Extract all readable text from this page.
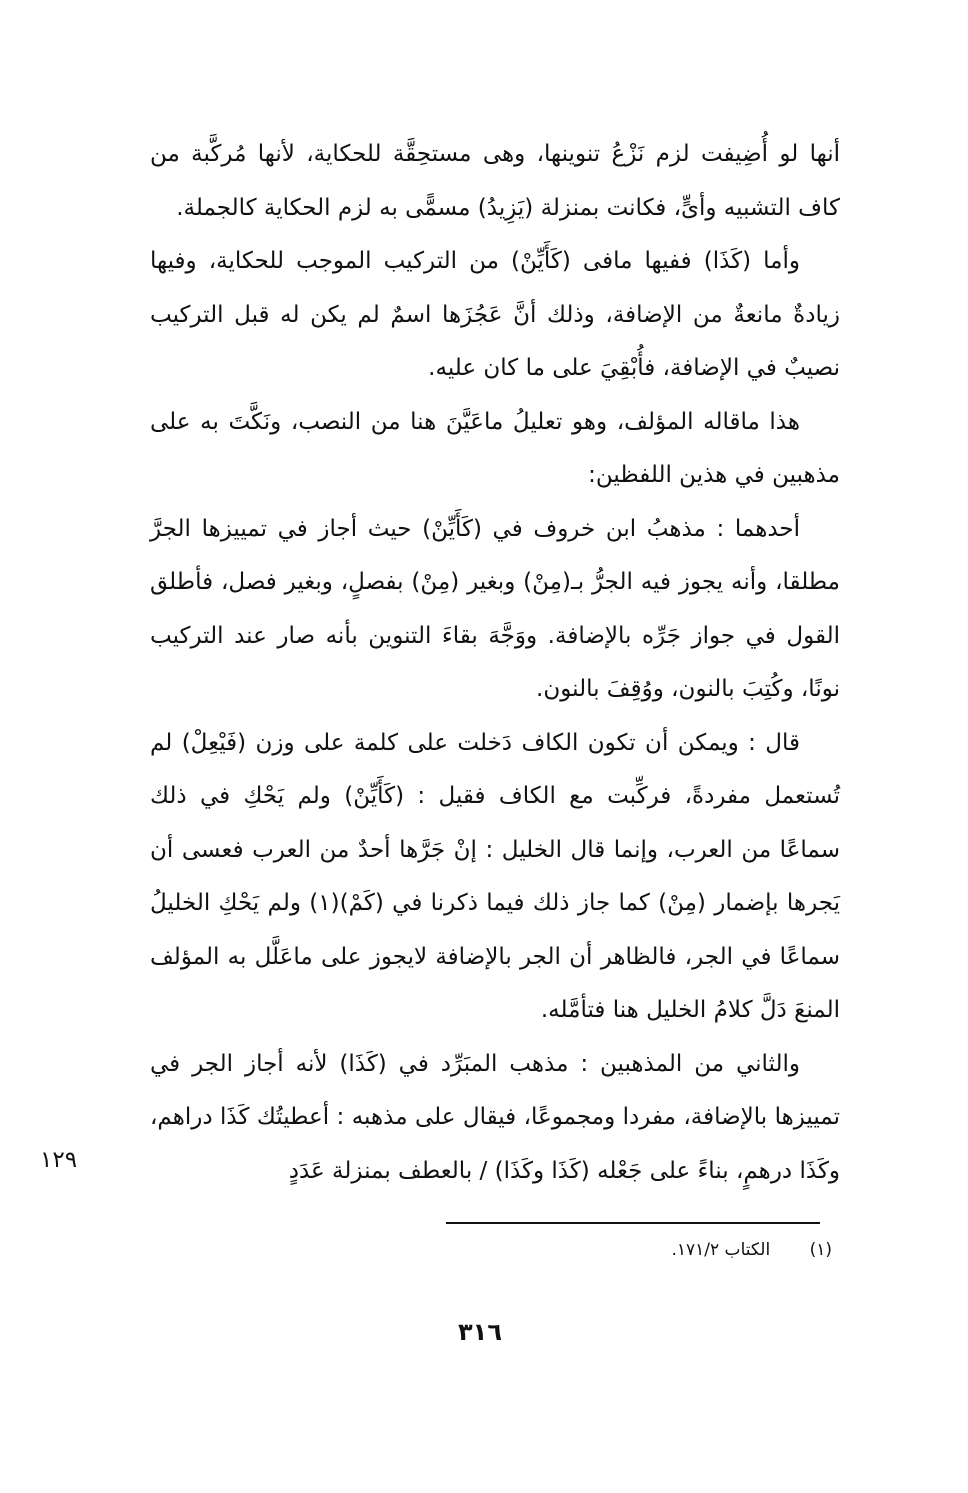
أنها لو أُضِيفت لزم نَزْعُ تنوينها، وهى مستحِقَّة للحكاية، لأنها مُركَّبة من كاف التشبيه وأىٍّ، فكانت بمنزلة (يَزِيدُ) مسمًّى به لزم الحكاية كالجملة.

وأما (كَذَا) ففيها مافى (كَأَيِّنْ) من التركيب الموجب للحكاية، وفيها زيادةٌ مانعةٌ من الإضافة، وذلك أنَّ عَجُزَها اسمٌ لم يكن له قبل التركيب نصيبٌ في الإضافة، فأُبْقِيَ على ما كان عليه.

هذا ماقاله المؤلف، وهو تعليلُ ماعَيَّنَ هنا من النصب، ونَكَّتَ به على مذهبين في هذين اللفظين:

أحدهما : مذهبُ ابن خروف في (كَأَيِّنْ) حيث أجاز في تمييزها الجرَّ مطلقا، وأنه يجوز فيه الجرُّ بـ(مِنْ) وبغير (مِنْ) بفصلٍ، وبغير فصل، فأطلق القول في جواز جَرِّه بالإضافة. ووَجَّهَ بقاءَ التنوين بأنه صار عند التركيب نونًا، وكُتِبَ بالنون، ووُقِفَ بالنون.

قال : ويمكن أن تكون الكاف دَخلت على كلمة على وزن (فَيْعِلْ) لم تُستعمل مفردةً، فركِّبت مع الكاف فقيل : (كَأَيِّنْ) ولم يَحْكِ في ذلك سماعًا من العرب، وإنما قال الخليل : إنْ جَرَّها أحدٌ من العرب فعسى أن يَجرها بإضمار (مِنْ) كما جاز ذلك فيما ذكرنا في (كَمْ)(١) ولم يَحْكِ الخليلُ سماعًا في الجر، فالظاهر أن الجر بالإضافة لايجوز على ماعَلَّل به المؤلف المنعَ دَلَّ كلامُ الخليل هنا فتأمَّله.

والثاني من المذهبين : مذهب المبَرِّد في (كَذَا) لأنه أجاز الجر في تمييزها بالإضافة، مفردا ومجموعًا، فيقال على مذهبه : أعطيتُك كَذَا دراهم، وكَذَا درهمٍ، بناءً على جَعْله (كَذَا وكَذَا) / بالعطف بمنزلة عَدَدٍ

١٢٩
(١) الكتاب ١٧١/٢.
٣١٦
